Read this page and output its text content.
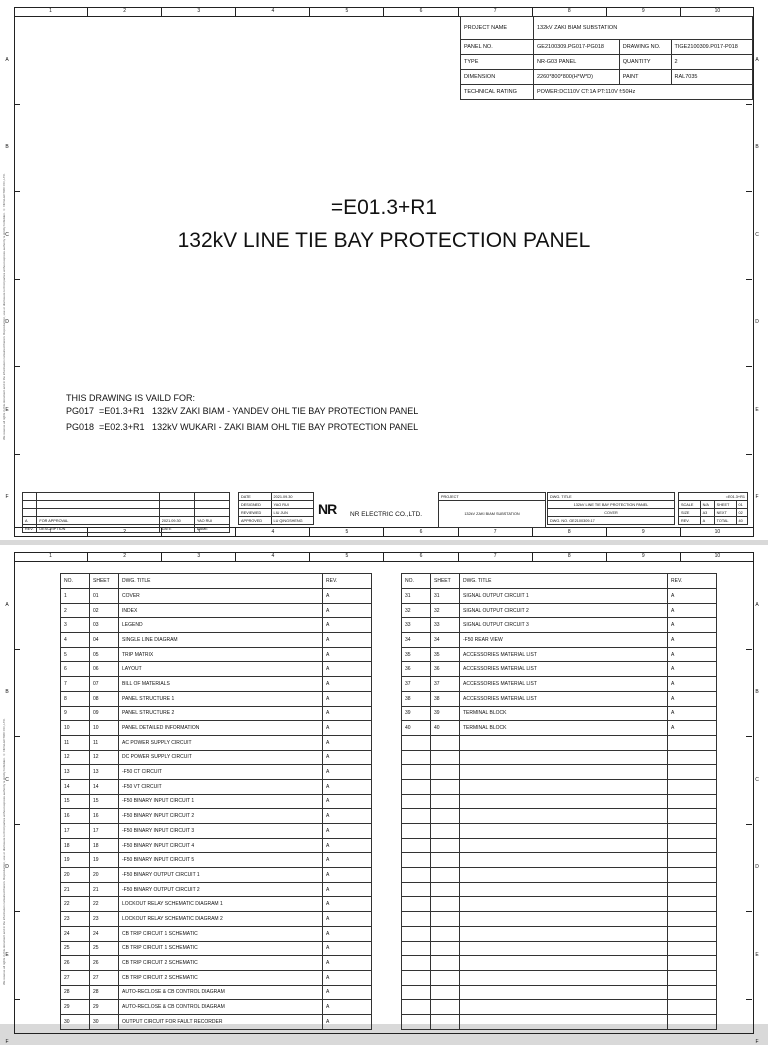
1	2	3	4	5	6	7	8	9	10
1	2	3	4	5	6	7	8	9	10
A	A
B	B
C	C
D	D
E	E
F	F
We reserve all rights in this document and in the information contained therein. Reproduction, use or disclosure to third parties without express authority is strictly forbidden. © NR ELECTRIC CO.,LTD.
PROJECT NAME	132kV ZAKI BIAM SUBSTATION		
PANEL NO.	GE2100309.PG017-PG018	DRAWING NO.	TIGE2100309.P017-P018
TYPE	NR-G03 PANEL	QUANTITY	2
DIMENSION	2260*800*800(H*W*D)	PAINT	RAL7035
TECHNICAL RATING	POWER:DC110V CT:1A PT:110V f:50Hz		
=E01.3+R1
132kV LINE TIE BAY PROTECTION PANEL
THIS DRAWING IS VAILD FOR:
PG017  =E01.3+R1   132kV ZAKI BIAM - YANDEV OHL TIE BAY PROTECTION PANEL
PG018  =E02.3+R1   132kV WUKARI - ZAKI BIAM OHL TIE BAY PROTECTION PANEL

A	FOR APPROVAL	2021.09.30	YAO RUI
REV.	DESCRIPTION	DATE	NAME
DATE	2021.09.30
DESIGNED	YAO RUI
REVIEWED	LIU JUN
APPROVED	LU QINGSHENG
NR NR ELECTRIC CO.,LTD.
PROJECT
132kV ZAKI BIAM SUBSTATION
DWG. TITLE
132kV LINE TIE BAY PROTECTION PANEL
COVER
DWG. NO. GE2100309.17
=E01.3+R1			
SCALE	N/A	SHEET	01
SIZE	A3	NEXT	02
REV.	A	TOTAL	40
1	2	3	4	5	6	7	8	9	10
A	A
B	B
C	C
D	D
E	E
F	F
We reserve all rights in this document and in the information contained therein. Reproduction, use or disclosure to third parties without express authority is strictly forbidden. © NR ELECTRIC CO.,LTD.
NO.	SHEET	DWG. TITLE	REV.
1	01	COVER	A
2	02	INDEX	A
3	03	LEGEND	A
4	04	SINGLE LINE DIAGRAM	A
5	05	TRIP MATRIX	A
6	06	LAYOUT	A
7	07	BILL OF MATERIALS	A
8	08	PANEL STRUCTURE 1	A
9	09	PANEL STRUCTURE 2	A
10	10	PANEL DETAILED INFORMATION	A
11	11	AC POWER SUPPLY CIRCUIT	A
12	12	DC POWER SUPPLY CIRCUIT	A
13	13	-F50 CT CIRCUIT	A
14	14	-F50 VT CIRCUIT	A
15	15	-F50 BINARY INPUT CIRCUIT 1	A
16	16	-F50 BINARY INPUT CIRCUIT 2	A
17	17	-F50 BINARY INPUT CIRCUIT 3	A
18	18	-F50 BINARY INPUT CIRCUIT 4	A
19	19	-F50 BINARY INPUT CIRCUIT 5	A
20	20	-F50 BINARY OUTPUT CIRCUIT 1	A
21	21	-F50 BINARY OUTPUT CIRCUIT 2	A
22	22	LOCKOUT RELAY SCHEMATIC DIAGRAM 1	A
23	23	LOCKOUT RELAY SCHEMATIC DIAGRAM 2	A
24	24	CB TRIP CIRCUIT 1 SCHEMATIC	A
25	25	CB TRIP CIRCUIT 1 SCHEMATIC	A
26	26	CB TRIP CIRCUIT 2 SCHEMATIC	A
27	27	CB TRIP CIRCUIT 2 SCHEMATIC	A
28	28	AUTO-RECLOSE & CB CONTROL DIAGRAM	A
29	29	AUTO-RECLOSE & CB CONTROL DIAGRAM	A
30	30	OUTPUT CIRCUIT FOR FAULT RECORDER	A
NO.	SHEET	DWG. TITLE	REV.
31	31	SIGNAL OUTPUT CIRCUIT 1	A
32	32	SIGNAL OUTPUT CIRCUIT 2	A
33	33	SIGNAL OUTPUT CIRCUIT 3	A
34	34	-F50 REAR VIEW	A
35	35	ACCESSORIES MATERIAL LIST	A
36	36	ACCESSORIES MATERIAL LIST	A
37	37	ACCESSORIES MATERIAL LIST	A
38	38	ACCESSORIES MATERIAL LIST	A
39	39	TERMINAL BLOCK	A
40	40	TERMINAL BLOCK	A
